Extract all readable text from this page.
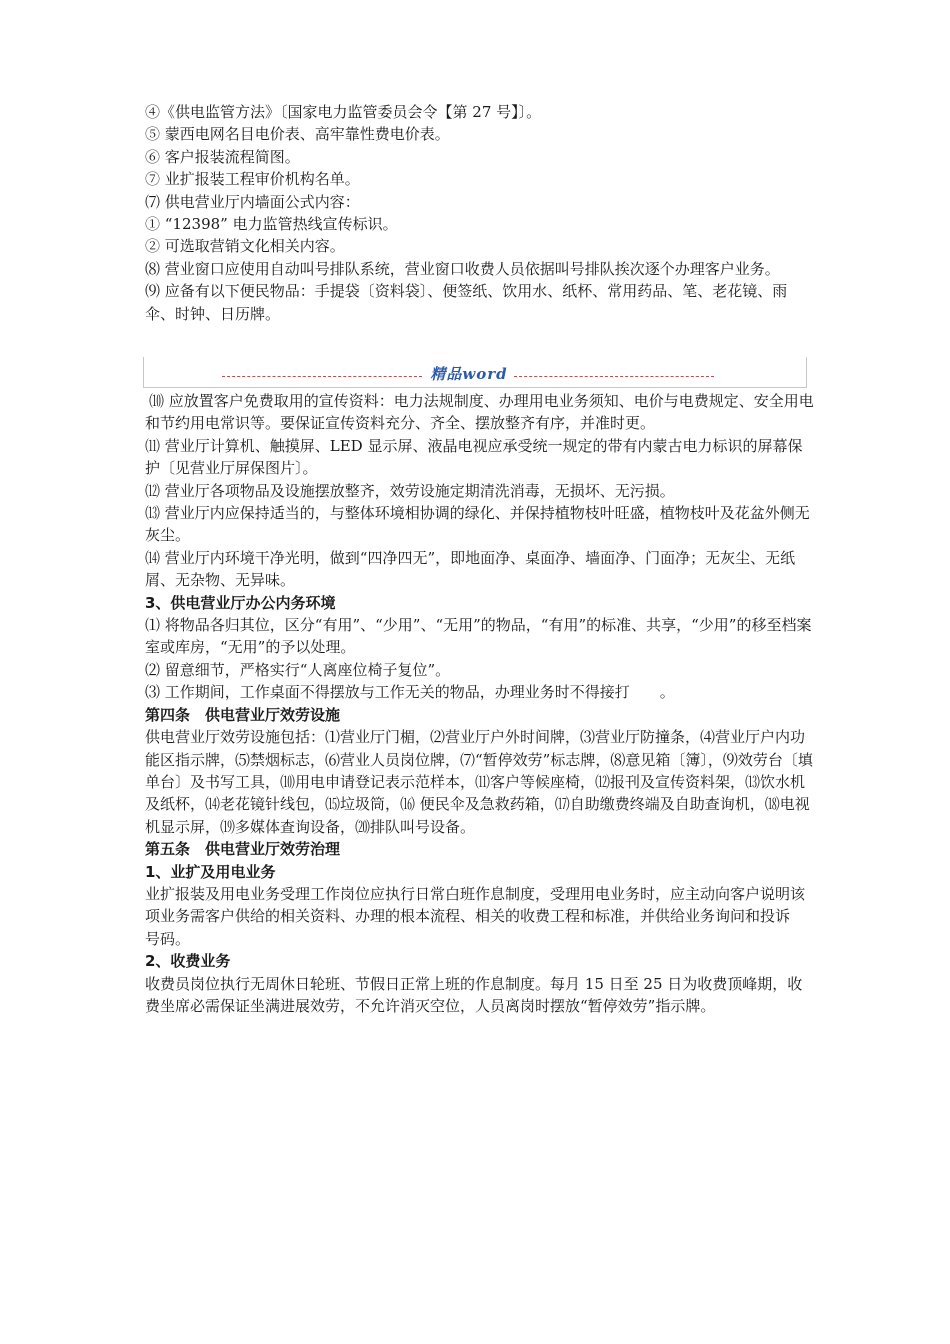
④《供电监管方法》〔国家电力监管委员会令【第 27 号】〕。

⑤ 蒙西电网名目电价表、高牢靠性费电价表。

⑥ 客户报装流程简图。

⑦ 业扩报装工程审价机构名单。

⑺ 供电营业厅内墙面公式内容：

① “12398” 电力监管热线宣传标识。

② 可选取营销文化相关内容。

⑻ 营业窗口应使用自动叫号排队系统，营业窗口收费人员依据叫号排队挨次逐个办理客户业务。

⑼ 应备有以下便民物品：手提袋〔资料袋〕、便签纸、饮用水、纸杯、常用药品、笔、老花镜、雨伞、时钟、日历牌。

精品word

⑽ 应放置客户免费取用的宣传资料：电力法规制度、办理用电业务须知、电价与电费规定、安全用电和节约用电常识等。要保证宣传资料充分、齐全、摆放整齐有序，并准时更。

⑾ 营业厅计算机、触摸屏、LED 显示屏、液晶电视应承受统一规定的带有内蒙古电力标识的屏幕保护〔见营业厅屏保图片〕。

⑿ 营业厅各项物品及设施摆放整齐，效劳设施定期清洗消毒，无损坏、无污损。

⒀ 营业厅内应保持适当的，与整体环境相协调的绿化、并保持植物枝叶旺盛，植物枝叶及花盆外侧无灰尘。

⒁ 营业厅内环境干净光明，做到“四净四无”，即地面净、桌面净、墙面净、门面净；无灰尘、无纸屑、无杂物、无异味。

3、供电营业厅办公内务环境

⑴ 将物品各归其位，区分“有用”、“少用”、“无用”的物品，“有用”的标准、共享，“少用”的移至档案室或库房，“无用”的予以处理。

⑵ 留意细节，严格实行“人离座位椅子复位”。

⑶ 工作期间，工作桌面不得摆放与工作无关的物品，办理业务时不得接打　　。

第四条　供电营业厅效劳设施

供电营业厅效劳设施包括：⑴营业厅门楣，⑵营业厅户外时间牌，⑶营业厅防撞条，⑷营业厅户内功能区指示牌，⑸禁烟标志，⑹营业人员岗位牌，⑺“暂停效劳”标志牌，⑻意见箱〔簿〕，⑼效劳台〔填单台〕及书写工具，⑽用电申请登记表示范样本，⑾客户等候座椅，⑿报刊及宣传资料架，⒀饮水机及纸杯，⒁老花镜针线包，⒂垃圾筒，⒃ 便民伞及急救药箱，⒄自助缴费终端及自助查询机，⒅电视机显示屏，⒆多媒体查询设备，⒇排队叫号设备。

第五条　供电营业厅效劳治理

1、业扩及用电业务

业扩报装及用电业务受理工作岗位应执行日常白班作息制度，受理用电业务时，应主动向客户说明该项业务需客户供给的相关资料、办理的根本流程、相关的收费工程和标准，并供给业务询问和投诉　　号码。

2、收费业务

收费员岗位执行无周休日轮班、节假日正常上班的作息制度。每月 15 日至 25 日为收费顶峰期，收费坐席必需保证坐满进展效劳，不允许消灭空位，人员离岗时摆放“暂停效劳”指示牌。
